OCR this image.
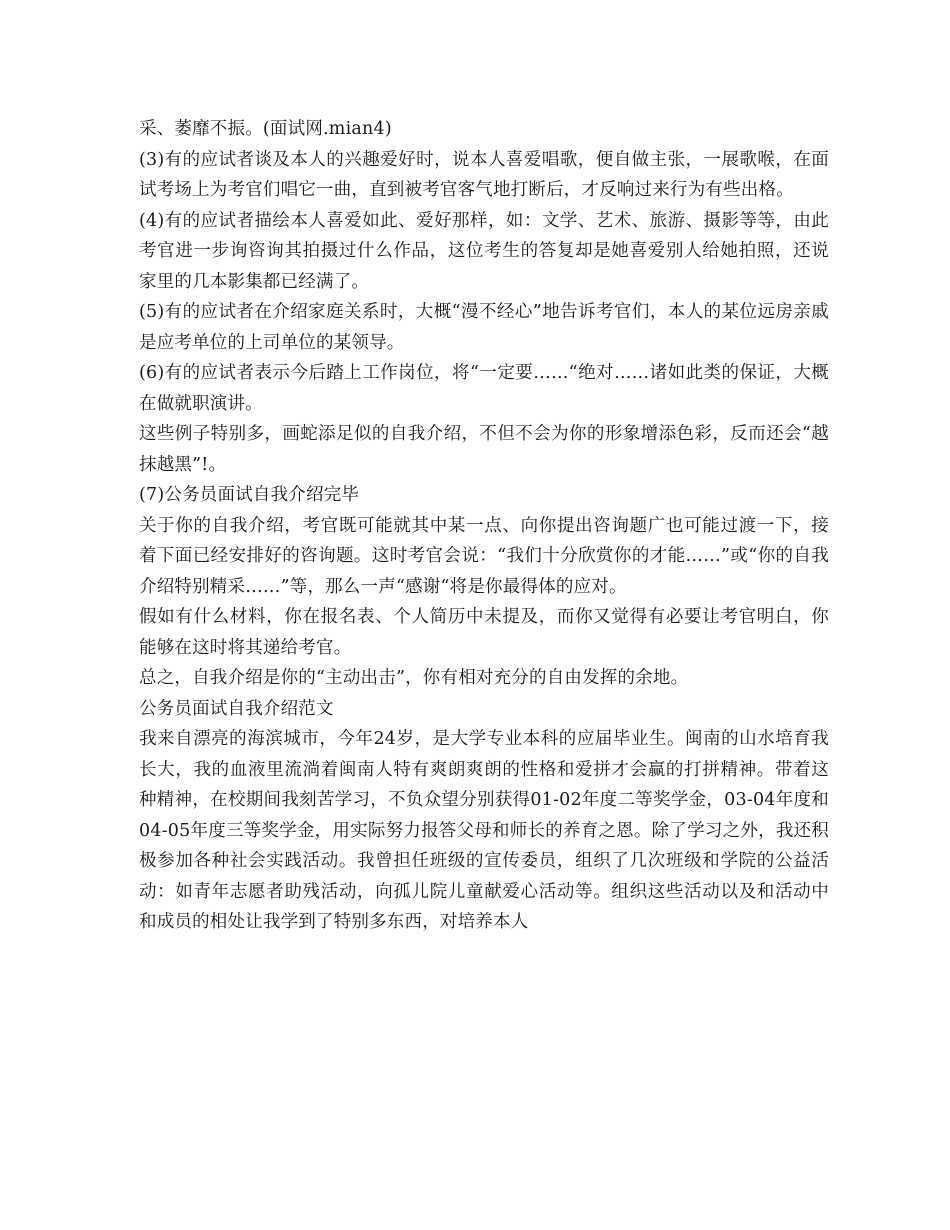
采、萎靡不振。(面试网.mian4)

(3)有的应试者谈及本人的兴趣爱好时，说本人喜爱唱歌，便自做主张，一展歌喉，在面试考场上为考官们唱它一曲，直到被考官客气地打断后，才反响过来行为有些出格。

(4)有的应试者描绘本人喜爱如此、爱好那样，如：文学、艺术、旅游、摄影等等，由此考官进一步询咨询其拍摄过什么作品，这位考生的答复却是她喜爱别人给她拍照，还说家里的几本影集都已经满了。

(5)有的应试者在介绍家庭关系时，大概“漫不经心”地告诉考官们，本人的某位远房亲戚是应考单位的上司单位的某领导。

(6)有的应试者表示今后踏上工作岗位，将“一定要……“绝对……诸如此类的保证，大概在做就职演讲。

这些例子特别多，画蛇添足似的自我介绍，不但不会为你的形象增添色彩，反而还会“越抹越黑”!。

(7)公务员面试自我介绍完毕

关于你的自我介绍，考官既可能就其中某一点、向你提出咨询题广也可能过渡一下，接着下面已经安排好的咨询题。这时考官会说：“我们十分欣赏你的才能……”或“你的自我介绍特别精采……”等，那么一声“感谢“将是你最得体的应对。

假如有什么材料，你在报名表、个人简历中未提及，而你又觉得有必要让考官明白，你能够在这时将其递给考官。

总之，自我介绍是你的“主动出击”，你有相对充分的自由发挥的余地。

公务员面试自我介绍范文

我来自漂亮的海滨城市，今年24岁，是大学专业本科的应届毕业生。闽南的山水培育我长大，我的血液里流淌着闽南人特有爽朗爽朗的性格和爱拼才会赢的打拼精神。带着这种精神，在校期间我刻苦学习，不负众望分别获得01-02年度二等奖学金，03-04年度和04-05年度三等奖学金，用实际努力报答父母和师长的养育之恩。除了学习之外，我还积极参加各种社会实践活动。我曾担任班级的宣传委员，组织了几次班级和学院的公益活动：如青年志愿者助残活动，向孤儿院儿童献爱心活动等。组织这些活动以及和活动中和成员的相处让我学到了特别多东西，对培养本人
